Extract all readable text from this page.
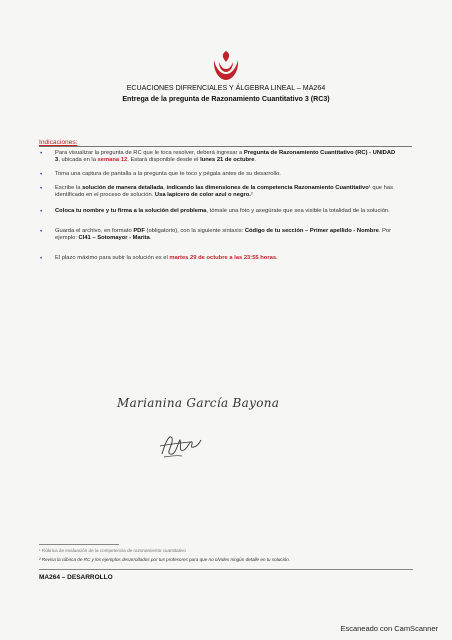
ECUACIONES DIFRENCIALES Y ÁLGEBRA LINEAL – MA264
Entrega de la pregunta de Razonamiento Cuantitativo 3 (RC3)
Indicaciones:
•	Para visualizar la pregunta de RC que le toca resolver, deberá ingresar a Pregunta de Razonamiento Cuantitativo (RC) - UNIDAD 3, ubicada en la semana 12. Estará disponible desde el lunes 21 de octubre.
•	Toma una captura de pantalla a la pregunta que te toco y pégala antes de su desarrollo.
•	Escribe la solución de manera detallada, indicando las dimensiones de la competencia Razonamiento Cuantitativo¹ que has identificado en el proceso de solución. Usa lapicero de color azul o negro.²
•	Coloca tu nombre y tu firma a la solución del problema, tómale una foto y asegúrate que sea visible la totalidad de la solución.
•	Guarda el archivo, en formato PDF (obligatorio), con la siguiente sintaxis: Código de tu sección – Primer apellido - Nombre. Por ejemplo: CI41 – Sotomayor - Marita.
•	El plazo máximo para subir la solución es el martes 29 de octubre a las 23:55 horas.
Marianina García Bayona
¹ Rúbrica de evaluación de la competencia de razonamiento cuantitativo
² Revisa la rúbrica de RC y los ejemplos desarrollados por tus profesores para que no olvides ningún detalle en tu solución.
MA264 – DESARROLLO
Escaneado con CamScanner
